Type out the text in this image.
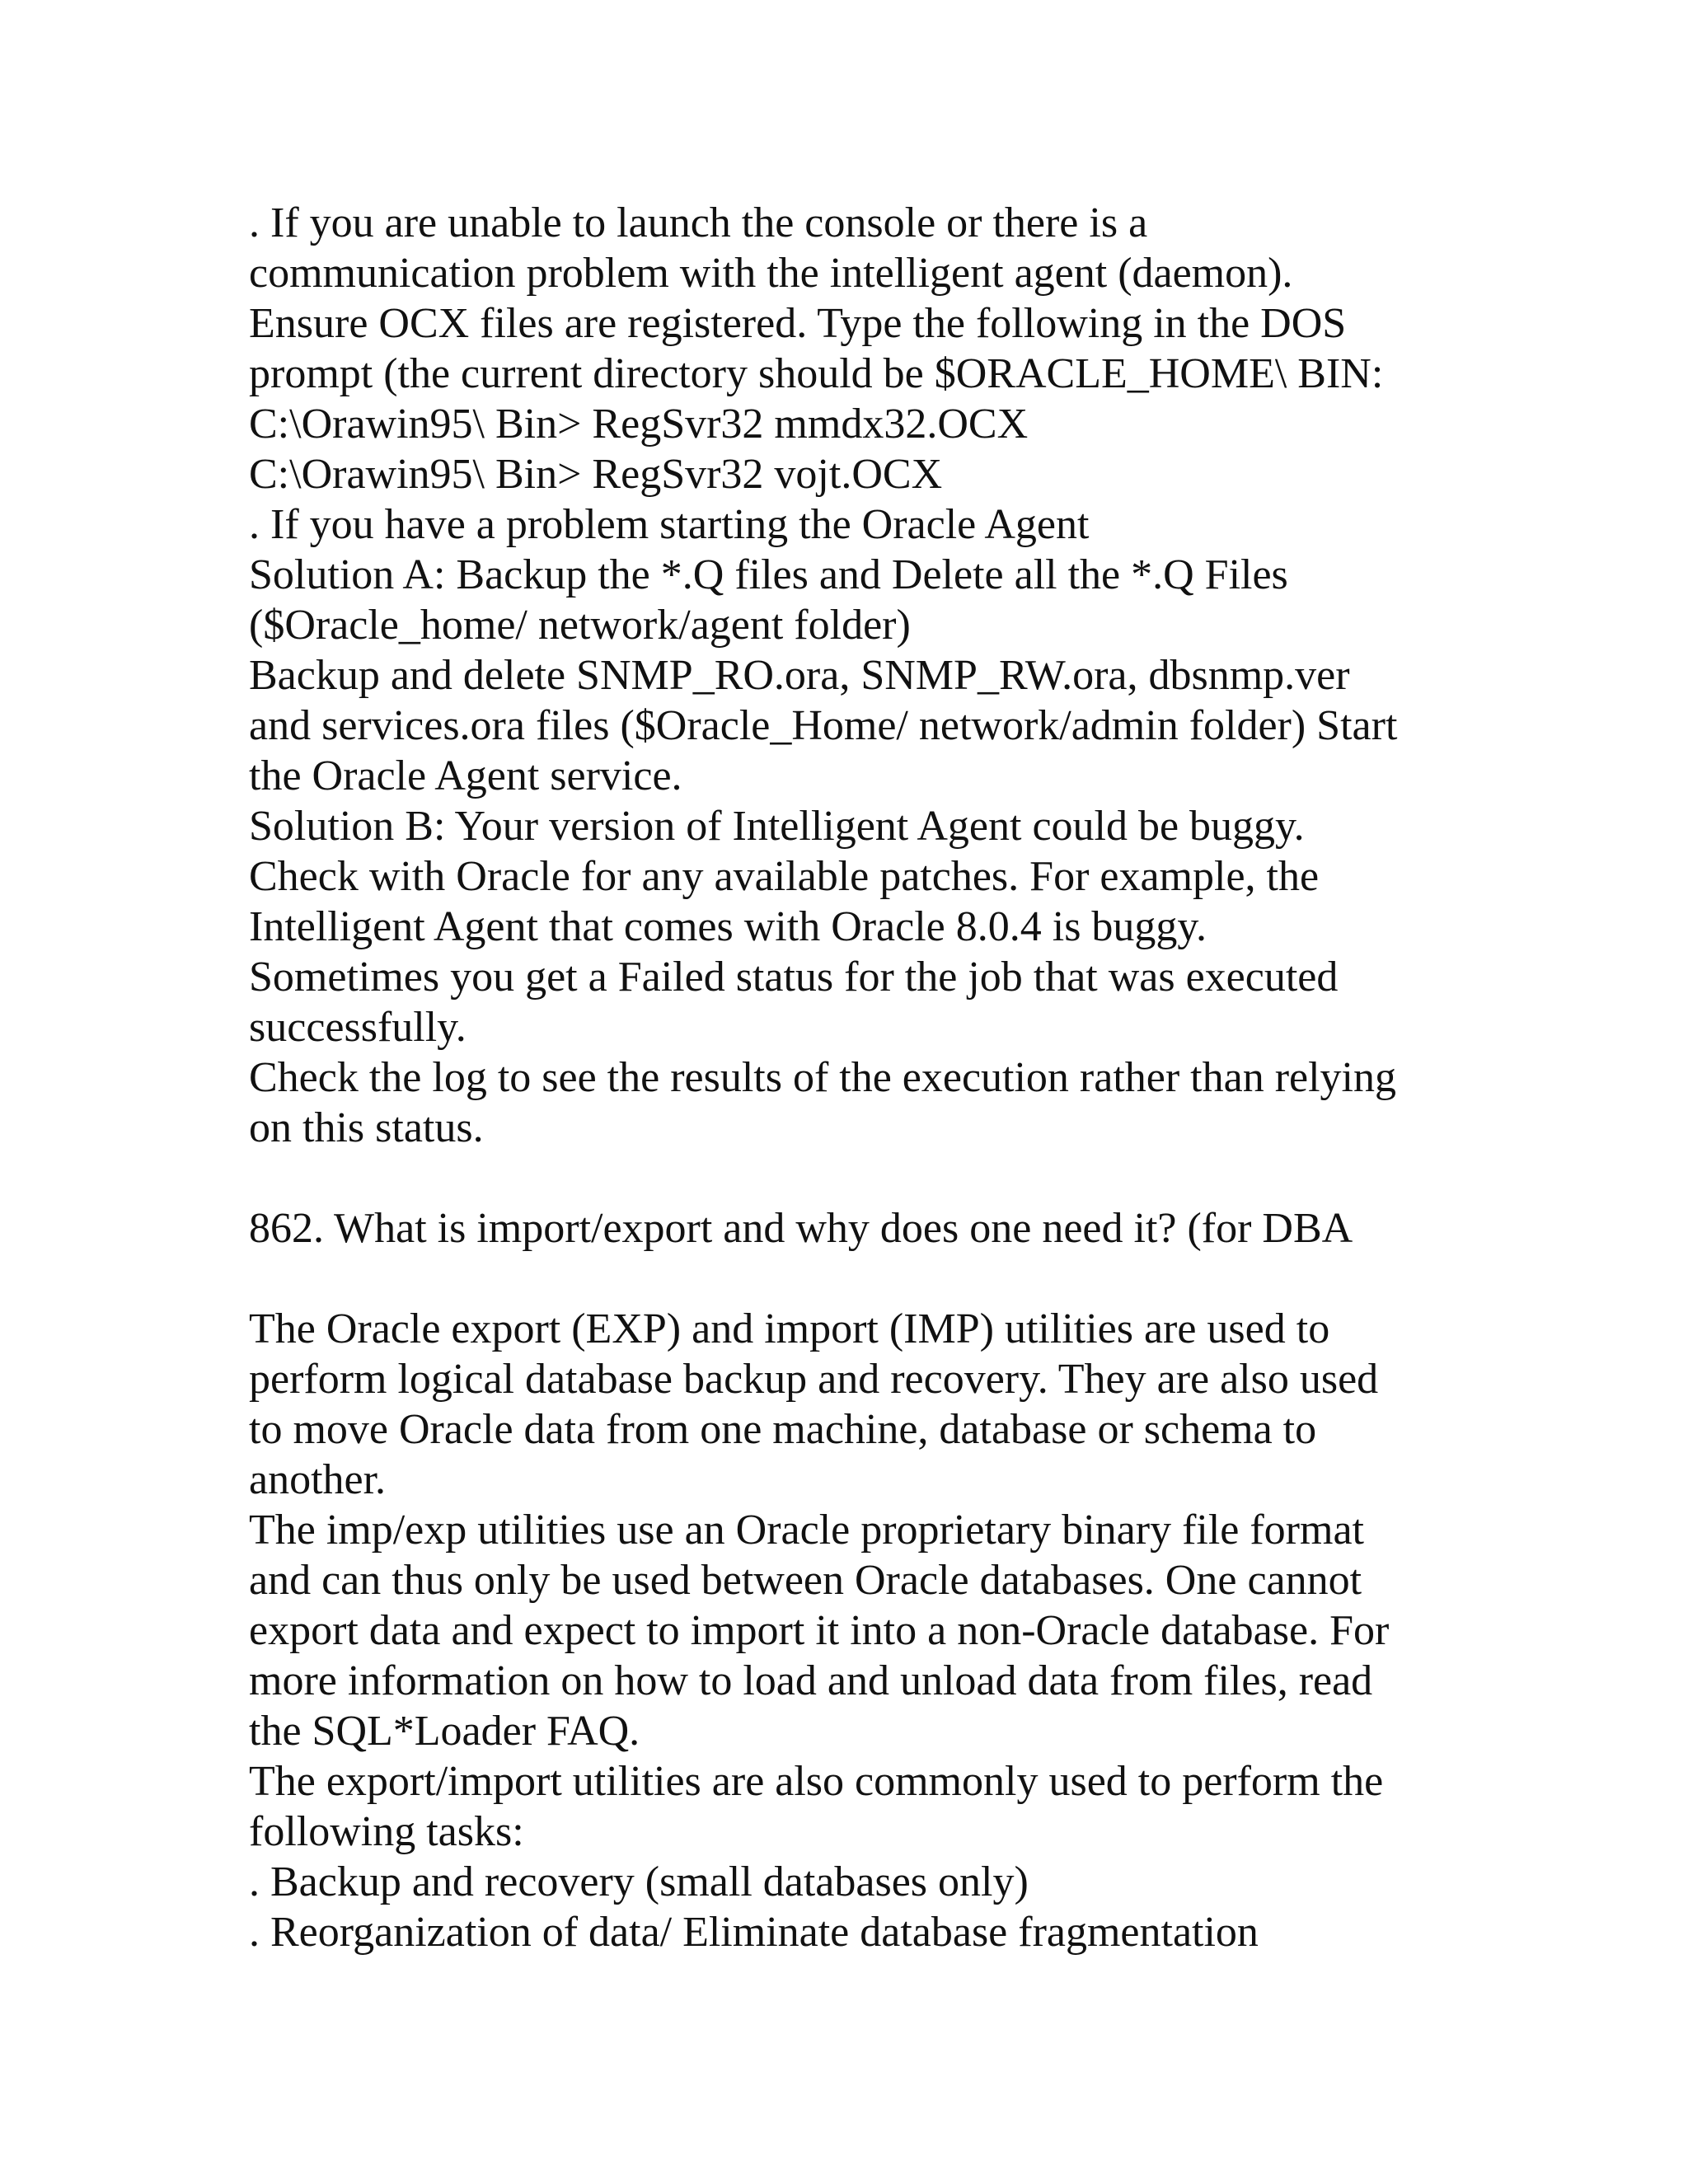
. If you are unable to launch the console or there is a
communication problem with the intelligent agent (daemon).
Ensure OCX files are registered. Type the following in the DOS
prompt (the current directory should be $ORACLE_HOME\ BIN:
C:\Orawin95\ Bin> RegSvr32 mmdx32.OCX
C:\Orawin95\ Bin> RegSvr32 vojt.OCX
. If you have a problem starting the Oracle Agent
Solution A: Backup the *.Q files and Delete all the *.Q Files
($Oracle_home/ network/agent folder)
Backup and delete SNMP_RO.ora, SNMP_RW.ora, dbsnmp.ver
and services.ora files ($Oracle_Home/ network/admin folder) Start
the Oracle Agent service.
Solution B: Your version of Intelligent Agent could be buggy.
Check with Oracle for any available patches. For example, the
Intelligent Agent that comes with Oracle 8.0.4 is buggy.
Sometimes you get a Failed status for the job that was executed
successfully.
Check the log to see the results of the execution rather than relying
on this status.
862. What is import/export and why does one need it? (for DBA
The Oracle export (EXP) and import (IMP) utilities are used to
perform logical database backup and recovery. They are also used
to move Oracle data from one machine, database or schema to
another.
The imp/exp utilities use an Oracle proprietary binary file format
and can thus only be used between Oracle databases. One cannot
export data and expect to import it into a non-Oracle database. For
more information on how to load and unload data from files, read
the SQL*Loader FAQ.
The export/import utilities are also commonly used to perform the
following tasks:
. Backup and recovery (small databases only)
. Reorganization of data/ Eliminate database fragmentation
